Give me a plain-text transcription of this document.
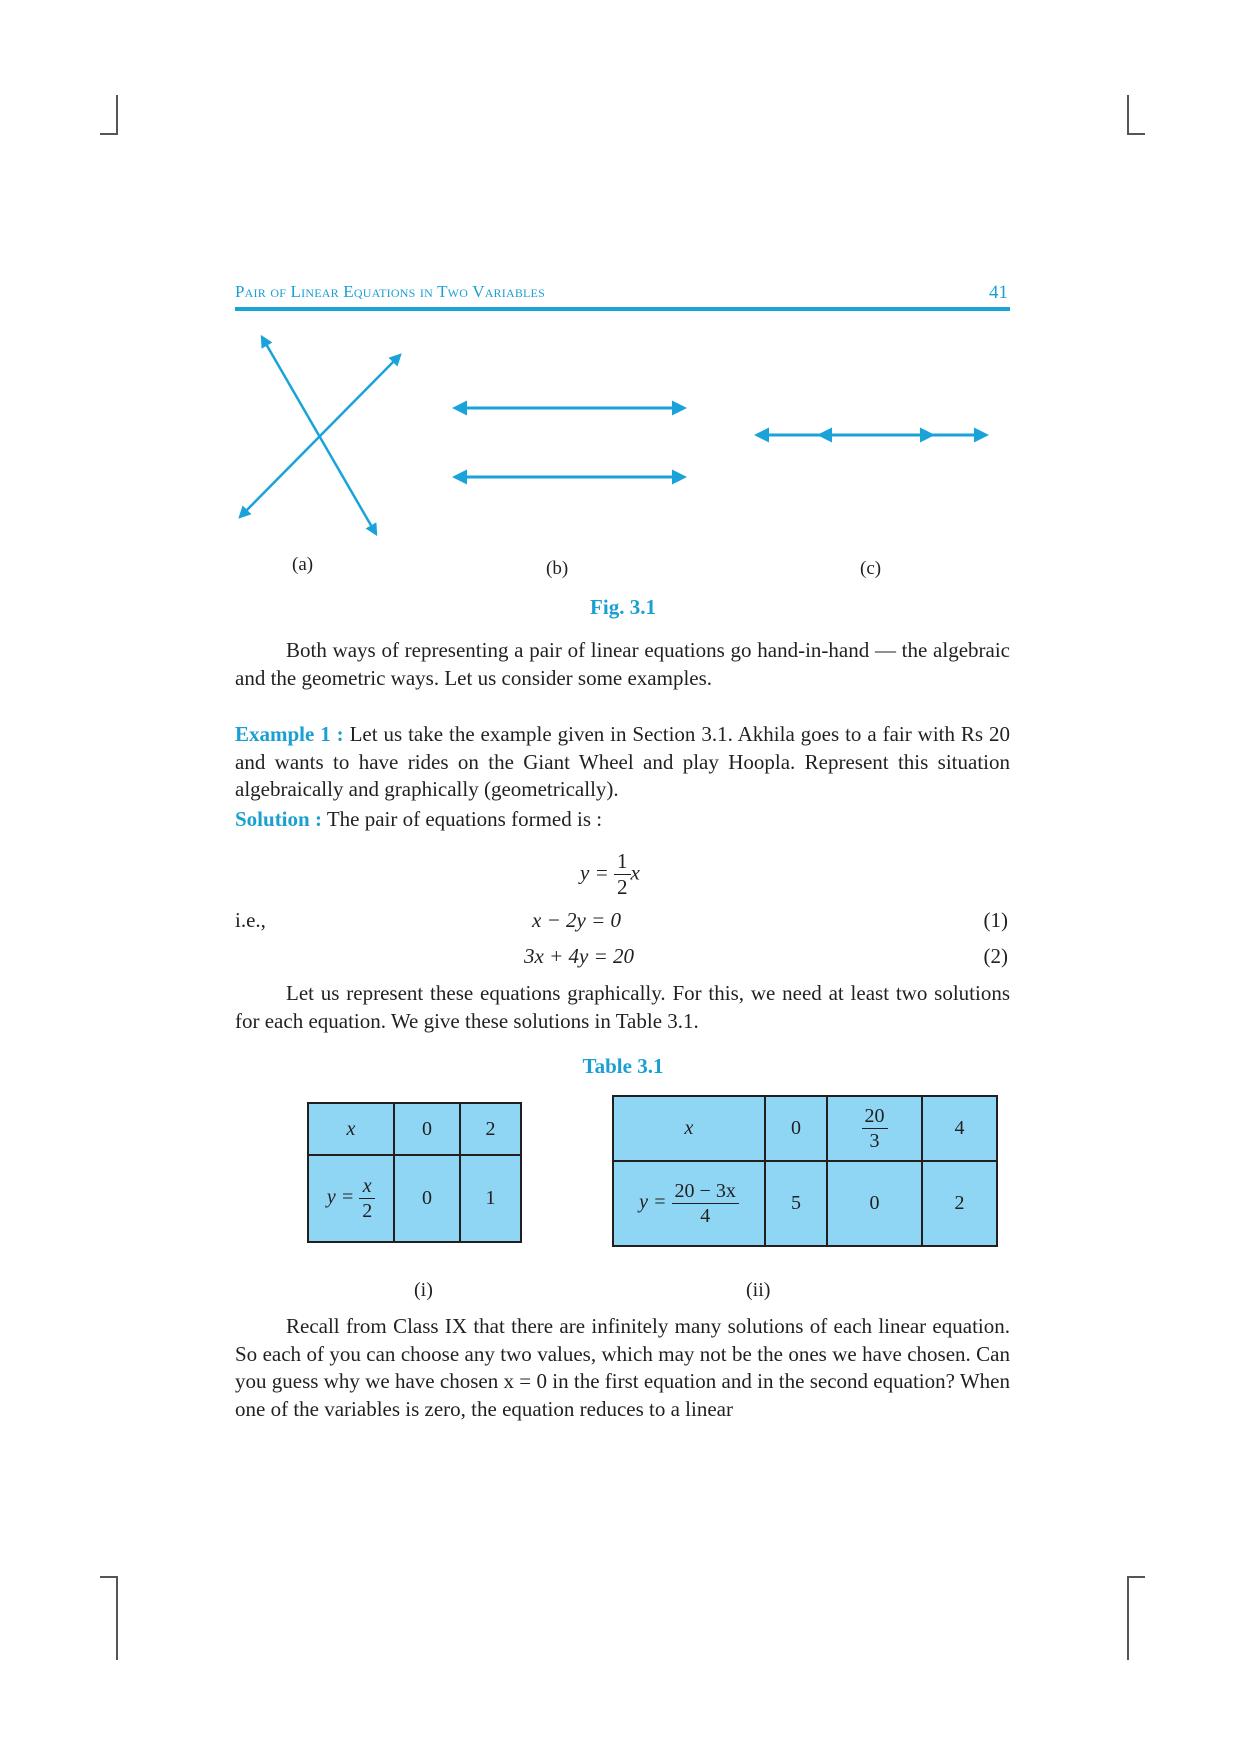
Pair of Linear Equations in Two Variables	41
(a)	(b)	(c)
Fig. 3.1
Both ways of representing a pair of linear equations go hand-in-hand — the algebraic and the geometric ways. Let us consider some examples.
Example 1 : Let us take the example given in Section 3.1. Akhila goes to a fair with Rs 20 and wants to have rides on the Giant Wheel and play Hoopla. Represent this situation algebraically and graphically (geometrically).
Solution : The pair of equations formed is :
$y = \frac{1}{2}$ x
i.e.,	x − 2y = 0	(1)
3x + 4y = 20	(2)
Let us represent these equations graphically. For this, we need at least two solutions for each equation. We give these solutions in Table 3.1.
Table 3.1
x	0	2
$y = \frac{x}{2}$	0	1
x	0	$\frac{20}{3}$	4
$y = \frac{20 - 3x}{4}$	5	0	2
(i)	(ii)
Recall from Class IX that there are infinitely many solutions of each linear equation. So each of you can choose any two values, which may not be the ones we have chosen. Can you guess why we have chosen x = 0 in the first equation and in the second equation? When one of the variables is zero, the equation reduces to a linear
